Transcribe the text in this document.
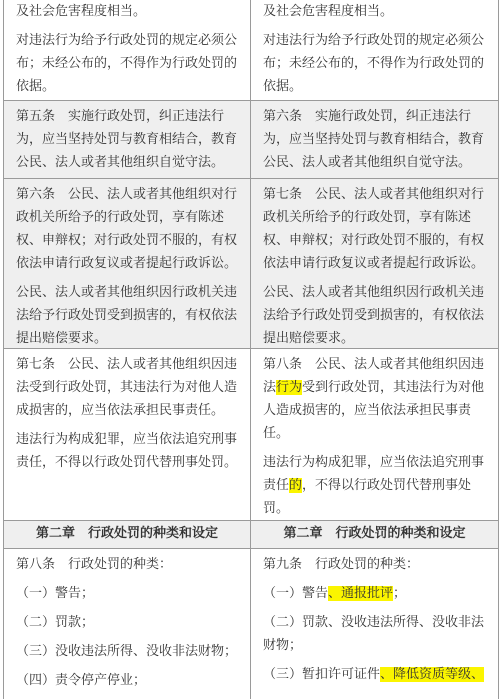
及社会危害程度相当。

对违法行为给予行政处罚的规定必须公布；未经公布的，不得作为行政处罚的依据。

及社会危害程度相当。

对违法行为给予行政处罚的规定必须公布；未经公布的，不得作为行政处罚的依据。

第五条　实施行政处罚，纠正违法行为，应当坚持处罚与教育相结合，教育公民、法人或者其他组织自觉守法。

第六条　实施行政处罚，纠正违法行为，应当坚持处罚与教育相结合，教育公民、法人或者其他组织自觉守法。

第六条　公民、法人或者其他组织对行政机关所给予的行政处罚，享有陈述权、申辩权；对行政处罚不服的，有权依法申请行政复议或者提起行政诉讼。

公民、法人或者其他组织因行政机关违法给予行政处罚受到损害的，有权依法提出赔偿要求。

第七条　公民、法人或者其他组织对行政机关所给予的行政处罚，享有陈述权、申辩权；对行政处罚不服的，有权依法申请行政复议或者提起行政诉讼。

公民、法人或者其他组织因行政机关违法给予行政处罚受到损害的，有权依法提出赔偿要求。

第七条　公民、法人或者其他组织因违法受到行政处罚，其违法行为对他人造成损害的，应当依法承担民事责任。

违法行为构成犯罪，应当依法追究刑事责任，不得以行政处罚代替刑事处罚。

第八条　公民、法人或者其他组织因违法行为受到行政处罚，其违法行为对他人造成损害的，应当依法承担民事责任。

违法行为构成犯罪，应当依法追究刑事责任的，不得以行政处罚代替刑事处罚。

第二章　行政处罚的种类和设定	第二章　行政处罚的种类和设定

第八条　行政处罚的种类：

（一）警告；

（二）罚款；

（三）没收违法所得、没收非法财物；

（四）责令停产停业；

第九条　行政处罚的种类：

（一）警告、通报批评；

（二）罚款、没收违法所得、没收非法财物；

（三）暂扣许可证件、降低资质等级、
